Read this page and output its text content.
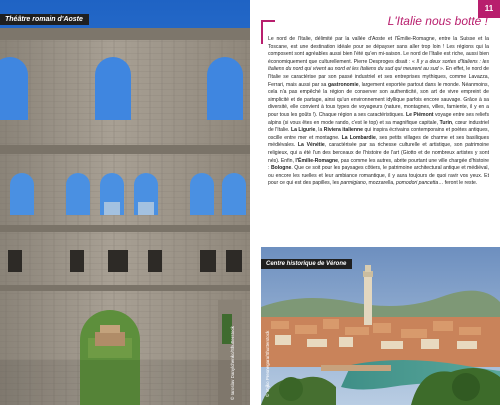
Théâtre romain d'Aoste
© Iaroslav Danylchenko/Shutterstock
11
L'Italie nous botte !

Le nord de l'Italie, délimité par la vallée d'Aoste et l'Émilie-Romagne, entre la Suisse et la Toscane, est une destination idéale pour se dépayser sans aller trop loin ! Les régions qui la composent sont agréables aussi bien l'été qu'en mi-saison. Le nord de l'Italie est riche, aussi bien économiquement que culturellement. Pierre Desproges disait : « Il y a deux sortes d'Italiens : les Italiens du nord qui vivent au nord et les Italiens du sud qui meurent au sud ». En effet, le nord de l'Italie se caractérise par son passé industriel et ses entreprises mythiques, comme Lavazza, Ferrari, mais aussi par sa gastronomie, largement exportée partout dans le monde. Néanmoins, cela n'a pas empêché la région de conserver son authenticité, son art de vivre empreint de simplicité et de partage, ainsi qu'un environnement idyllique parfois encore sauvage. Grâce à sa diversité, elle convient à tous types de voyageurs (nature, montagnes, villes, farniente, il y en a pour tous les goûts !). Chaque région a ses caractéristiques. Le Piémont voyage entre ses reliefs alpins (si vous êtes en mode rando, c'est le top) et sa magnifique capitale, Turin, cœur industriel de l'Italie. La Ligurie, la Riviera italienne qui inspira écrivains contemporains et poètes antiques, oscille entre mer et montagne. La Lombardie, ses petits villages de charme et ses basiliques médiévales. La Vénétie, caractérisée par sa richesse culturelle et artistique, son patrimoine religieux, qui a été l'un des berceaux de l'histoire de l'art (Giotto et de nombreux artistes y sont nés). Enfin, l'Émilie-Romagne, pas comme les autres, abrite pourtant une ville chargée d'histoire : Bologne. Que ce soit pour les paysages côtiers, le patrimoine architectural antique et médiéval, ou encore les ruelles et leur ambiance romantique, il y aura toujours de quoi ravir vos yeux. Et pour ce qui est des papilles, les parmigiano, mozzarella, pomodori pancetta… feront le reste.

Centre historique de Vérone
© Vojko Presnegara/Shutterstock
